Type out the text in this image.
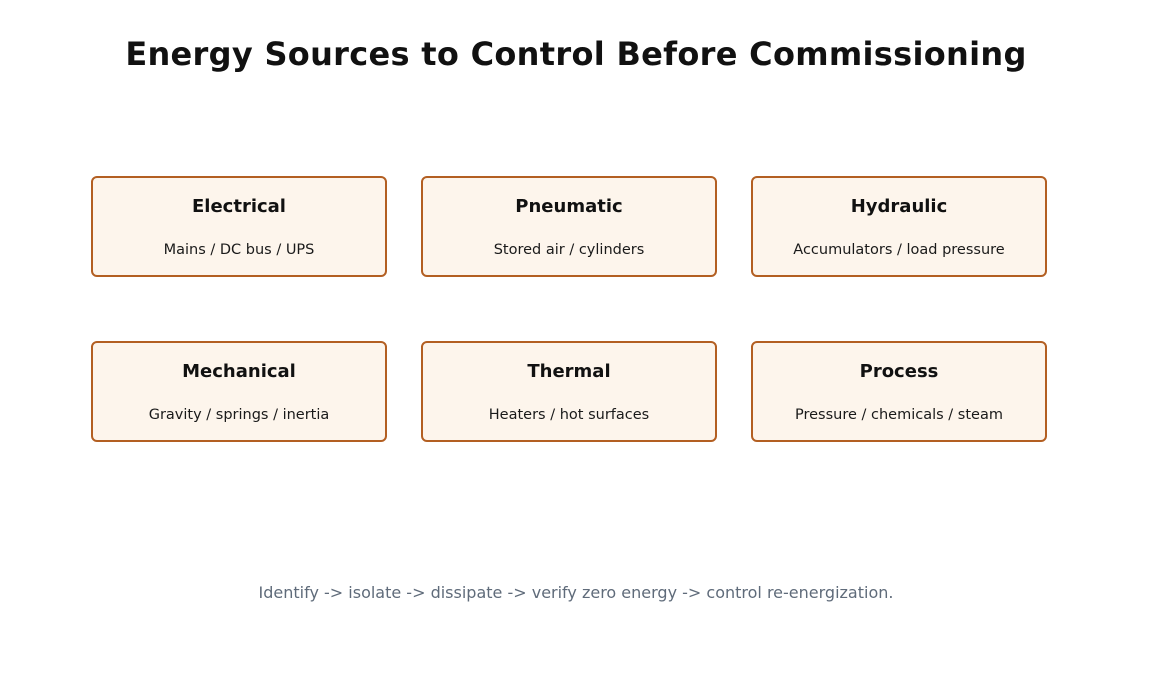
Energy Sources to Control Before Commissioning
Electrical
Mains / DC bus / UPS
Pneumatic
Stored air / cylinders
Hydraulic
Accumulators / load pressure
Mechanical
Gravity / springs / inertia
Thermal
Heaters / hot surfaces
Process
Pressure / chemicals / steam
Identify -> isolate -> dissipate -> verify zero energy -> control re-energization.
